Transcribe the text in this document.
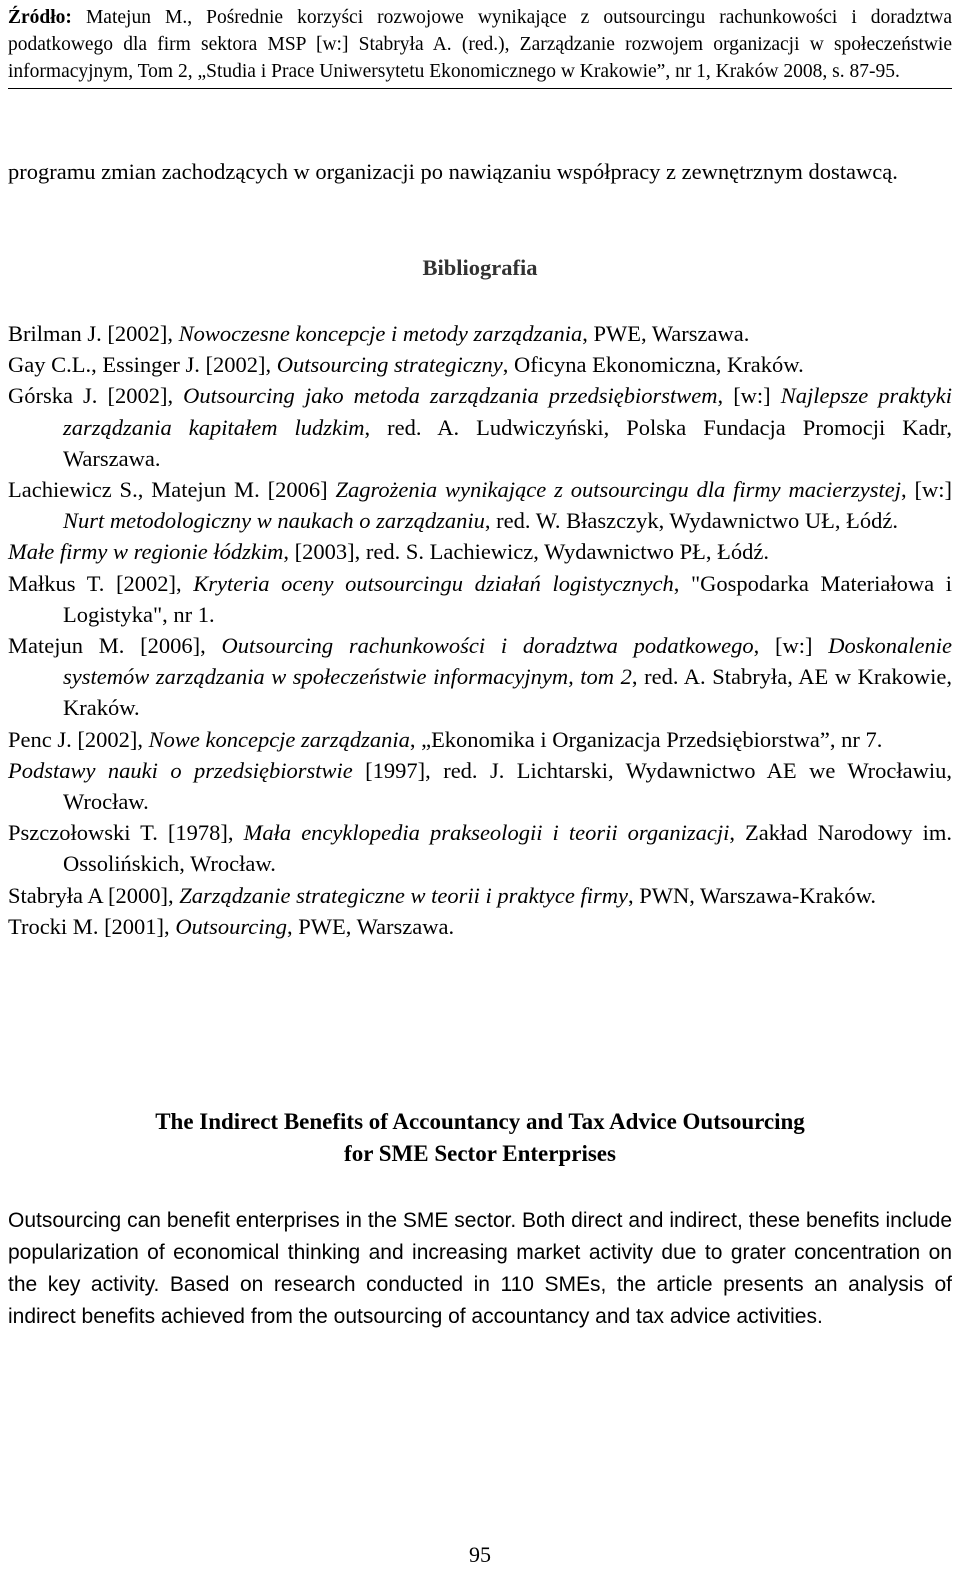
Źródło: Matejun M., Pośrednie korzyści rozwojowe wynikające z outsourcingu rachunkowości i doradztwa podatkowego dla firm sektora MSP [w:] Stabryła A. (red.), Zarządzanie rozwojem organizacji w społeczeństwie informacyjnym, Tom 2, „Studia i Prace Uniwersytetu Ekonomicznego w Krakowie”, nr 1, Kraków 2008, s. 87-95.
programu zmian zachodzących w organizacji po nawiązaniu współpracy z zewnętrznym dostawcą.
Bibliografia

Brilman J. [2002], Nowoczesne koncepcje i metody zarządzania, PWE, Warszawa.

Gay C.L., Essinger J. [2002], Outsourcing strategiczny, Oficyna Ekonomiczna, Kraków.

Górska J. [2002], Outsourcing jako metoda zarządzania przedsiębiorstwem, [w:] Najlepsze praktyki zarządzania kapitałem ludzkim, red. A. Ludwiczyński, Polska Fundacja Promocji Kadr, Warszawa.

Lachiewicz S., Matejun M. [2006] Zagrożenia wynikające z outsourcingu dla firmy macierzystej, [w:] Nurt metodologiczny w naukach o zarządzaniu, red. W. Błaszczyk, Wydawnictwo UŁ, Łódź.

Małe firmy w regionie łódzkim, [2003], red. S. Lachiewicz, Wydawnictwo PŁ, Łódź.

Małkus T. [2002], Kryteria oceny outsourcingu działań logistycznych, "Gospodarka Materiałowa i Logistyka", nr 1.

Matejun M. [2006], Outsourcing rachunkowości i doradztwa podatkowego, [w:] Doskonalenie systemów zarządzania w społeczeństwie informacyjnym, tom 2, red. A. Stabryła, AE w Krakowie, Kraków.

Penc J. [2002], Nowe koncepcje zarządzania, „Ekonomika i Organizacja Przedsiębiorstwa”, nr 7.

Podstawy nauki o przedsiębiorstwie [1997], red. J. Lichtarski, Wydawnictwo AE we Wrocławiu, Wrocław.

Pszczołowski T. [1978], Mała encyklopedia prakseologii i teorii organizacji, Zakład Narodowy im. Ossolińskich, Wrocław.

Stabryła A [2000], Zarządzanie strategiczne w teorii i praktyce firmy, PWN, Warszawa-Kraków.

Trocki M. [2001], Outsourcing, PWE, Warszawa.

The Indirect Benefits of Accountancy and Tax Advice Outsourcing
for SME Sector Enterprises
Outsourcing can benefit enterprises in the SME sector. Both direct and indirect, these benefits include popularization of economical thinking and increasing market activity due to grater concentration on the key activity. Based on research conducted in 110 SMEs, the article presents an analysis of indirect benefits achieved from the outsourcing of accountancy and tax advice activities.
95
